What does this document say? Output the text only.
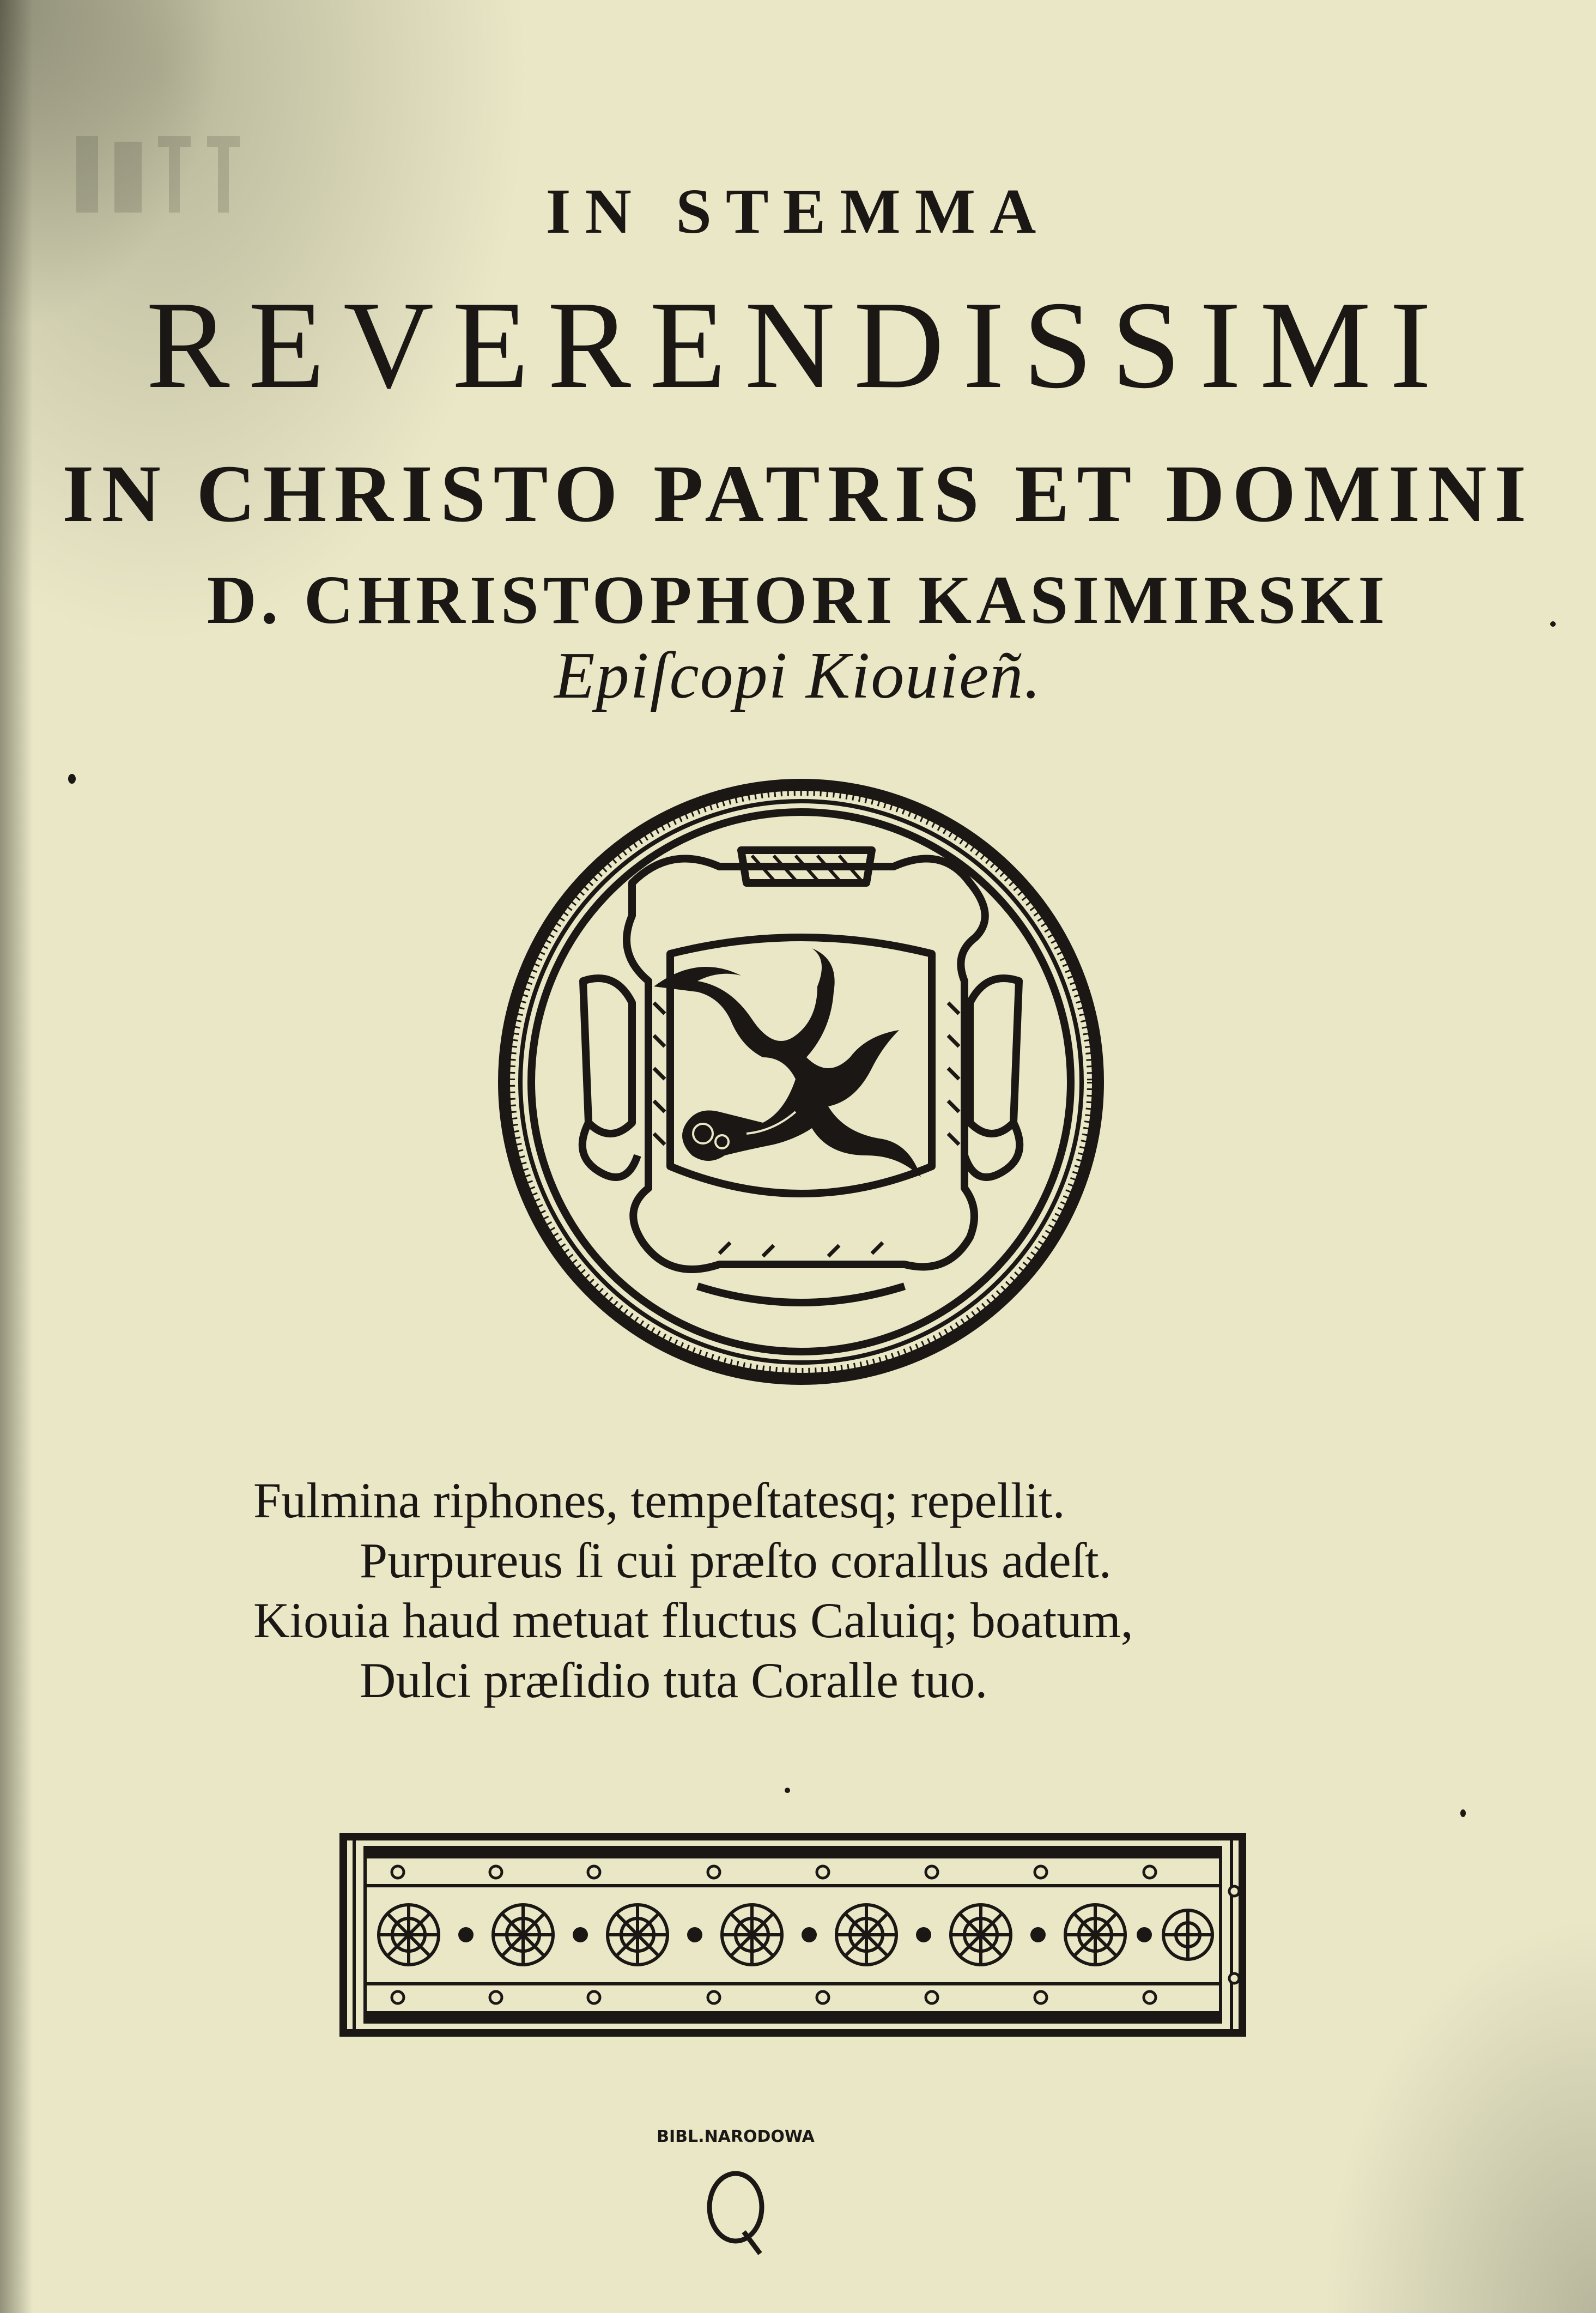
IN STEMMA
REVERENDISSIMI
IN CHRISTO PATRIS ET DOMINI
D. CHRISTOPHORI KASIMIRSKI
Epiſcopi Kiouieñ.
Fulmina riphones, tempeſtatesq; repellit.
Purpureus ſi cui præſto corallus adeſt.
Kiouia haud metuat fluctus Caluiq; boatum,
Dulci præſidio tuta Coralle tuo.
BIBL.NARODOWA
